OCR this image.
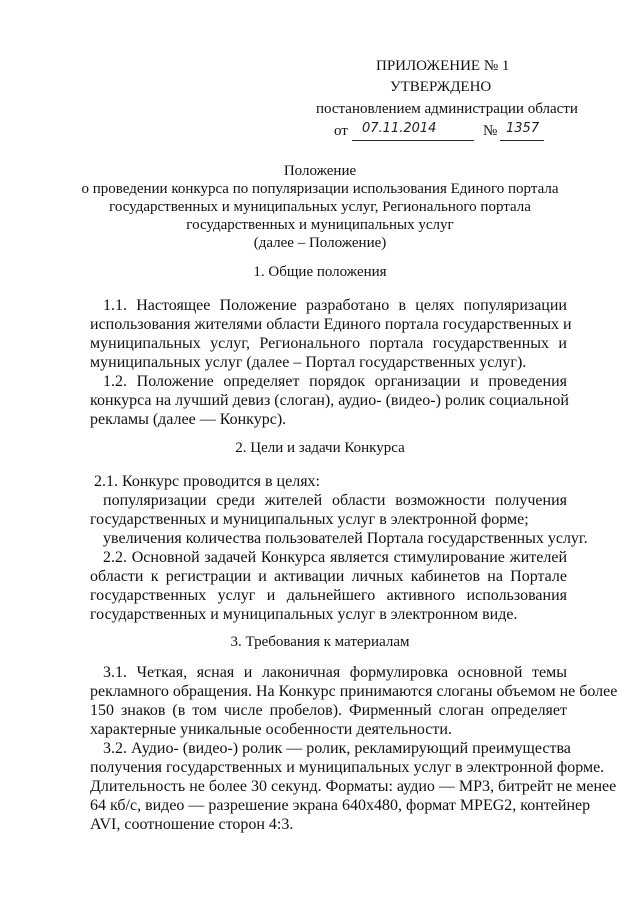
ПРИЛОЖЕНИЕ № 1
УТВЕРЖДЕНО
постановлением администрации области
от 07.11.2014	№ 1357
Положение
о проведении конкурса по популяризации использования Единого портала
государственных и муниципальных услуг, Регионального портала
государственных и муниципальных услуг
(далее – Положение)
1. Общие положения
1.1. Настоящее Положение разработано в целях популяризации
использования жителями области Единого портала государственных и
муниципальных услуг, Регионального портала государственных и
муниципальных услуг (далее – Портал государственных услуг).
1.2. Положение определяет порядок организации и проведения
конкурса на лучший девиз (слоган), аудио- (видео-) ролик социальной
рекламы (далее — Конкурс).
2. Цели и задачи Конкурса
2.1. Конкурс проводится в целях:
популяризации среди жителей области возможности получения
государственных и муниципальных услуг в электронной форме;
увеличения количества пользователей Портала государственных услуг.
2.2. Основной задачей Конкурса является стимулирование жителей
области к регистрации и активации личных кабинетов на Портале
государственных услуг и дальнейшего активного использования
государственных и муниципальных услуг в электронном виде.
3. Требования к материалам
3.1. Четкая, ясная и лаконичная формулировка основной темы
рекламного обращения. На Конкурс принимаются слоганы объемом не более
150 знаков (в том числе пробелов). Фирменный слоган определяет
характерные уникальные особенности деятельности.
3.2. Аудио- (видео-) ролик — ролик, рекламирующий преимущества
получения государственных и муниципальных услуг в электронной форме.
Длительность не более 30 секунд. Форматы: аудио — MP3, битрейт не менее
64 кб/с, видео — разрешение экрана 640х480, формат MPEG2, контейнер
AVI, соотношение сторон 4:3.
